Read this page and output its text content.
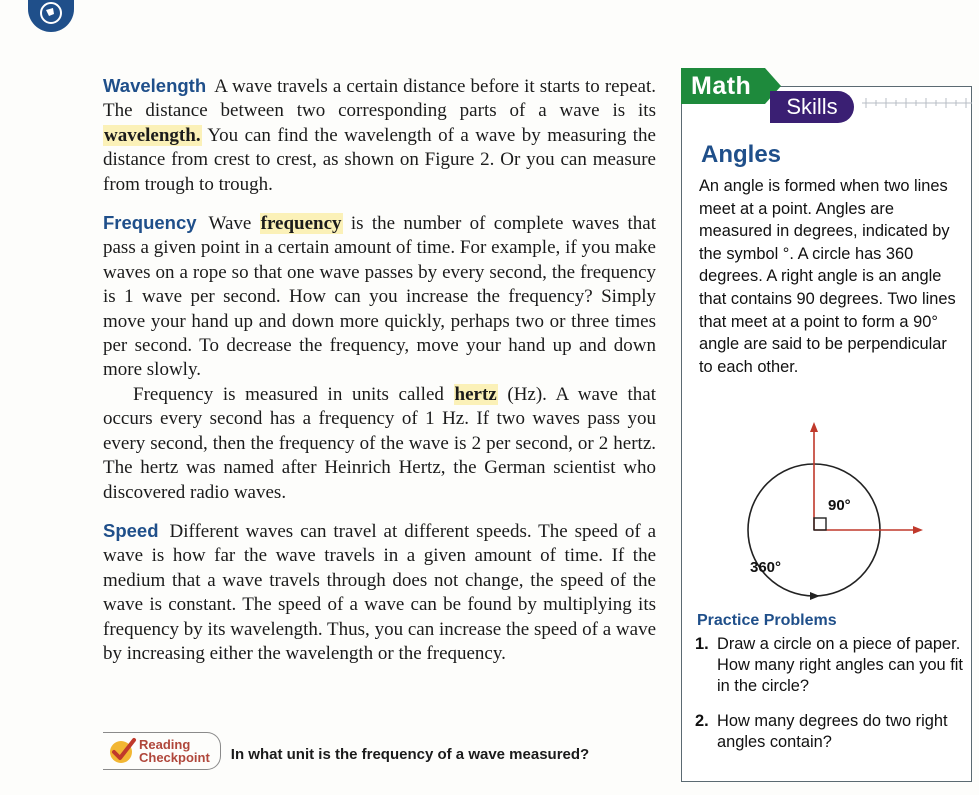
Wavelength A wave travels a certain distance before it starts to repeat. The distance between two corresponding parts of a wave is its wavelength. You can find the wavelength of a wave by measuring the distance from crest to crest, as shown on Figure 2. Or you can measure from trough to trough.

Frequency Wave frequency is the number of complete waves that pass a given point in a certain amount of time. For example, if you make waves on a rope so that one wave passes by every second, the frequency is 1 wave per second. How can you increase the frequency? Simply move your hand up and down more quickly, perhaps two or three times per second. To decrease the frequency, move your hand up and down more slowly.

Frequency is measured in units called hertz (Hz). A wave that occurs every second has a frequency of 1 Hz. If two waves pass you every second, then the frequency of the wave is 2 per second, or 2 hertz. The hertz was named after Heinrich Hertz, the German scientist who discovered radio waves.

Speed Different waves can travel at different speeds. The speed of a wave is how far the wave travels in a given amount of time. If the medium that a wave travels through does not change, the speed of the wave is constant. The speed of a wave can be found by multiplying its frequency by its wavelength. Thus, you can increase the speed of a wave by increasing either the wavelength or the frequency.

Reading
Checkpoint In what unit is the frequency of a wave measured?
Math
Skills
Angles
An angle is formed when two lines meet at a point. Angles are measured in degrees, indicated by the symbol °. A circle has 360 degrees. A right angle is an angle that contains 90 degrees. Two lines that meet at a point to form a 90° angle are said to be perpendicular to each other.
90°
360°
Practice Problems
1. Draw a circle on a piece of paper. How many right angles can you fit in the circle?
2. How many degrees do two right angles contain?
